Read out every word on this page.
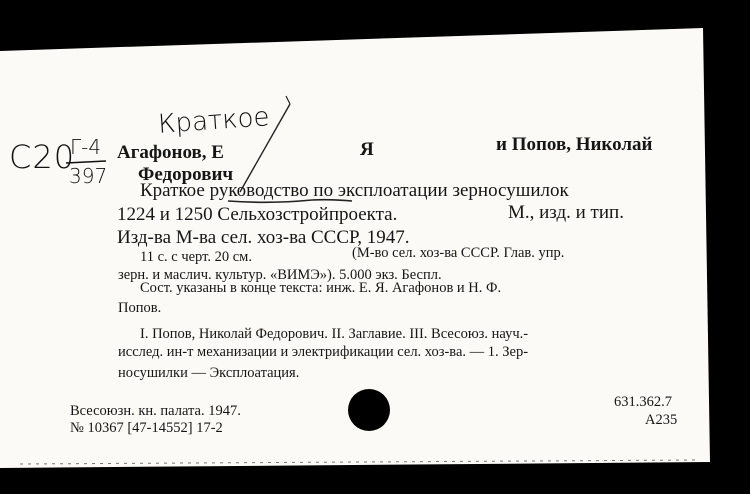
Краткое
С20
Г-4
397
Агафонов, Е	Я	и Попов, Николай
Федорович
Краткое руководство по эксплоатации зерносушилок
1224 и 1250 Сельхозстройпроекта.	М., изд. и тип.
Изд-ва М-ва сел. хоз-ва СССР, 1947.
11 с. с черт. 20 см.	(М-во сел. хоз-ва СССР. Глав. упр.
зерн. и маслич. культур. «ВИМЭ»). 5.000 экз. Беспл.
Сост. указаны в конце текста: инж. Е. Я. Агафонов и Н. Ф.
Попов.
I. Попов, Николай Федорович. II. Заглавие. III. Всесоюз. науч.-
исслед. ин-т механизации и электрификации сел. хоз-ва. — 1. Зер-
носушилки — Эксплоатация.
Всесоюзн. кн. палата. 1947.
№ 10367 [47-14552] 17-2
631.362.7
А235
